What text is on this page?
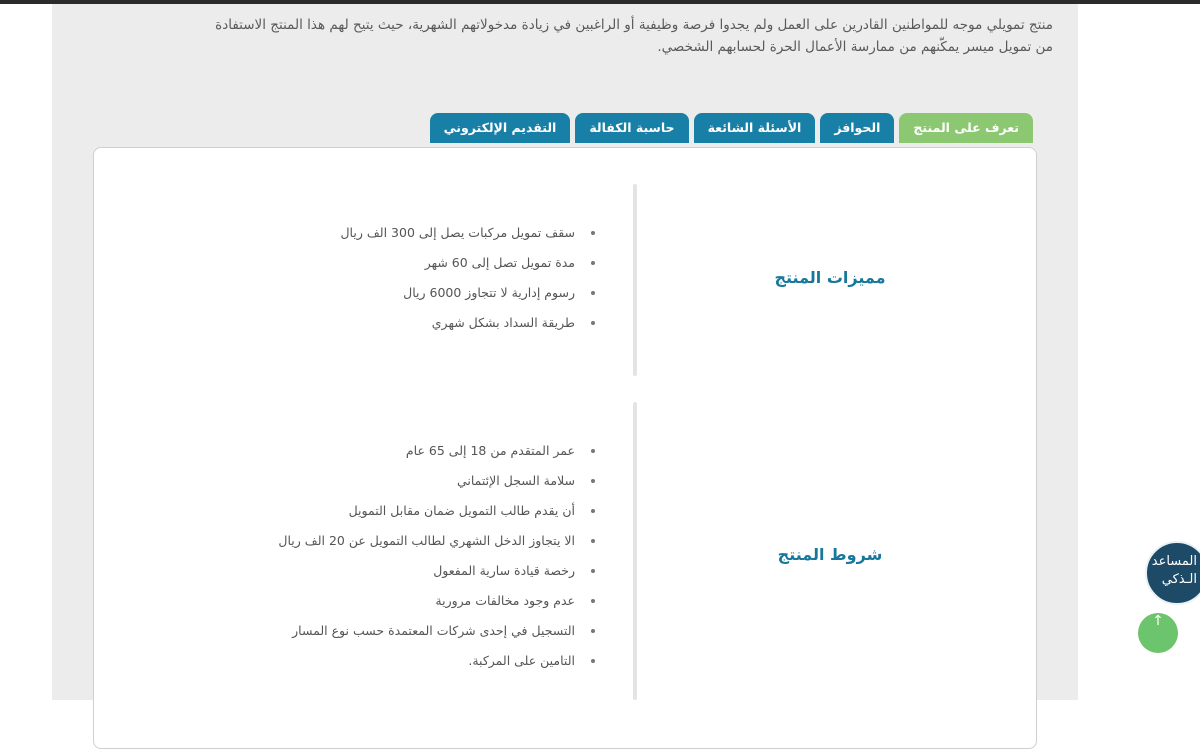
منتج تمويلي موجه للمواطنين القادرين على العمل ولم يجدوا فرصة وظيفية أو الراغبين في زيادة مدخولاتهم الشهرية، حيث يتيح لهم هذا المنتج الاستفادة
من تمويل ميسر يمكّنهم من ممارسة الأعمال الحرة لحسابهم الشخصي.
تعرف على المنتج
الحوافز
الأسئلة الشائعة
حاسبة الكفالة
التقديم الإلكتروني
مميزات المنتج
سقف تمويل مركبات يصل إلى 300 الف ريال
مدة تمويل تصل إلى 60 شهر
رسوم إدارية لا تتجاوز 6000 ريال
طريقة السداد بشكل شهري
شروط المنتج
عمر المتقدم من 18 إلى 65 عام
سلامة السجل الإئتماني
أن يقدم طالب التمويل ضمان مقابل التمويل
الا يتجاوز الدخل الشهري لطالب التمويل عن 20 الف ريال
رخصة قيادة سارية المفعول
عدم وجود مخالفات مرورية
التسجيل في إحدى شركات المعتمدة حسب نوع المسار
التامين على المركبة.
المساعد
الـذكي
↑
